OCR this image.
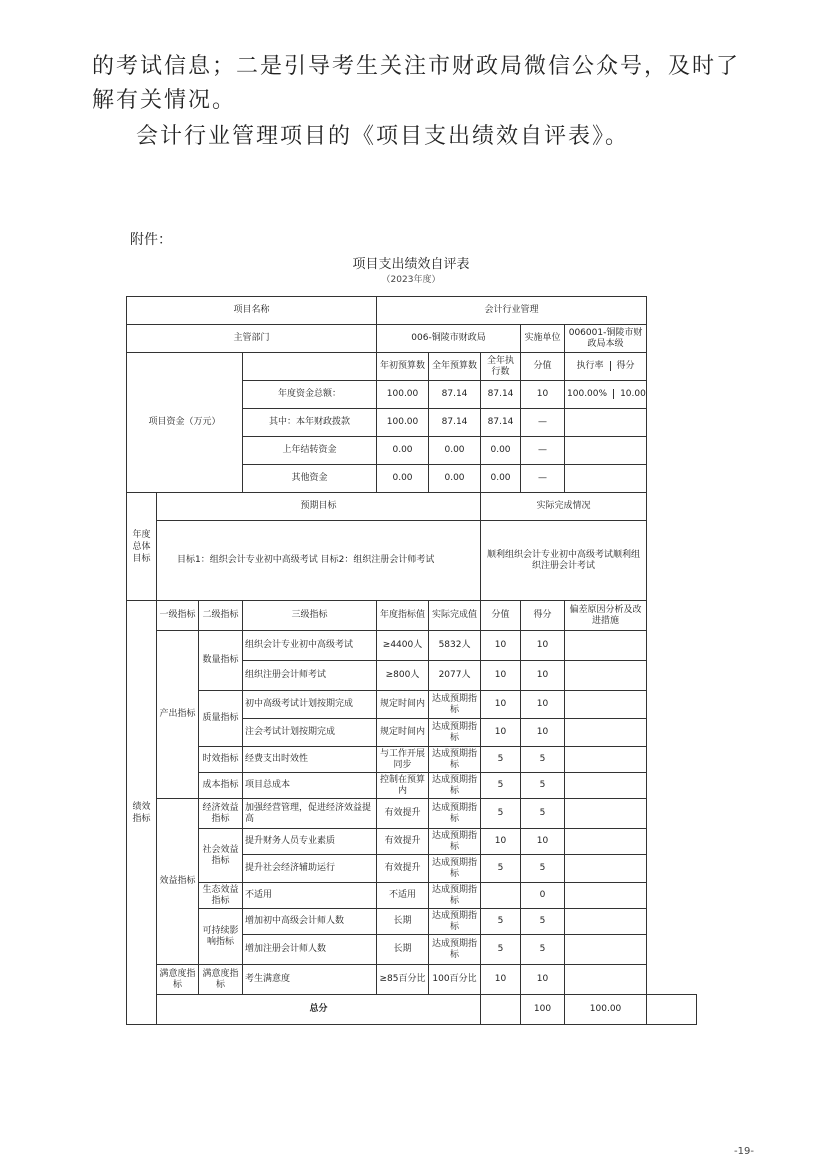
的考试信息；二是引导考生关注市财政局微信公众号，及时了解有关情况。

会计行业管理项目的《项目支出绩效自评表》。

附件：
项目支出绩效自评表
（2023年度）
项目名称				会计行业管理					
主管部门				006-铜陵市财政局			实施单位	006001-铜陵市财政局本级	
项目资金（万元）				年初预算数	全年预算数	全年执行数	分值	执行率 得分	
			年度资金总额：	100.00	87.14	87.14	10	100.00% 10.00	
			其中：本年财政拨款	100.00	87.14	87.14	—		
			上年结转资金	0.00	0.00	0.00	—		
			其他资金	0.00	0.00	0.00	—		
年度总体目标	预期目标					实际完成情况			
	目标1：组织会计专业初中高级考试 目标2：组织注册会计师考试					顺利组织会计专业初中高级考试顺利组织注册会计考试			
绩效指标	一级指标	二级指标	三级指标	年度指标值	实际完成值	分值	得分	偏差原因分析及改进措施	
	产出指标	数量指标	组织会计专业初中高级考试	≥4400人	5832人	10	10		
			组织注册会计师考试	≥800人	2077人	10	10		
		质量指标	初中高级考试计划按期完成	规定时间内	达成预期指标	10	10		
			注会考试计划按期完成	规定时间内	达成预期指标	10	10		
		时效指标	经费支出时效性	与工作开展同步	达成预期指标	5	5		
		成本指标	项目总成本	控制在预算内	达成预期指标	5	5		
	效益指标	经济效益指标	加强经营管理，促进经济效益提高	有效提升	达成预期指标	5	5		
		社会效益指标	提升财务人员专业素质	有效提升	达成预期指标	10	10		
			提升社会经济辅助运行	有效提升	达成预期指标	5	5		
		生态效益指标	不适用	不适用	达成预期指标		0		
		可持续影响指标	增加初中高级会计师人数	长期	达成预期指标	5	5		
			增加注册会计师人数	长期	达成预期指标	5	5		
	满意度指标	满意度指标	考生满意度	≥85百分比	100百分比	10	10		
	总分						100	100.00	
-19-
